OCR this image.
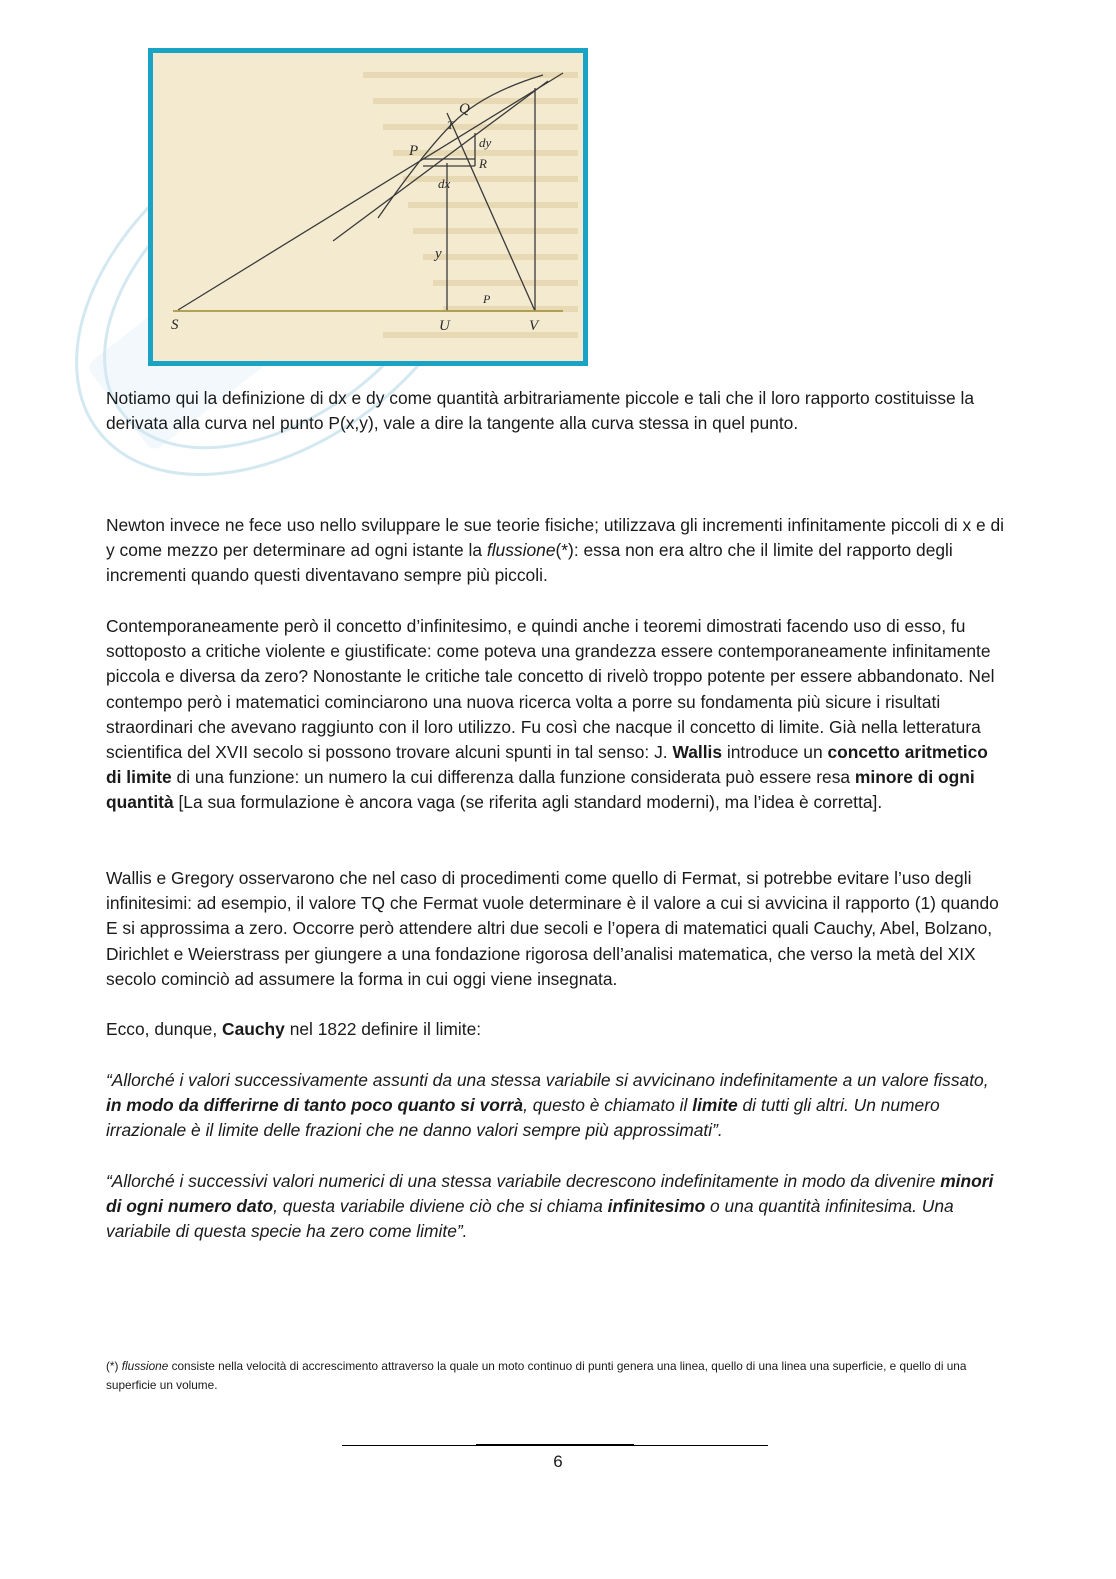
S	U	V
P
Q
T
R
dx
dy
y
P

Notiamo qui la definizione di dx e dy come quantità arbitrariamente piccole e tali che il loro rapporto costituisse la derivata alla curva nel punto P(x,y), vale a dire la tangente alla curva stessa in quel punto.

Newton invece ne fece uso nello sviluppare le sue teorie fisiche; utilizzava gli incrementi infinitamente piccoli di x e di y come mezzo per determinare ad ogni istante la flussione(*): essa non era altro che il limite del rapporto degli incrementi quando questi diventavano sempre più piccoli.

Contemporaneamente però il concetto d’infinitesimo, e quindi anche i teoremi dimostrati facendo uso di esso, fu sottoposto a critiche violente e giustificate: come poteva una grandezza essere contemporaneamente infinitamente piccola e diversa da zero? Nonostante le critiche tale concetto di rivelò troppo potente per essere abbandonato. Nel contempo però i matematici cominciarono una nuova ricerca volta a porre su fondamenta più sicure i risultati straordinari che avevano raggiunto con il loro utilizzo. Fu così che nacque il concetto di limite. Già nella letteratura scientifica del XVII secolo si possono trovare alcuni spunti in tal senso: J. Wallis introduce un concetto aritmetico di limite di una funzione: un numero la cui differenza dalla funzione considerata può essere resa minore di ogni quantità [La sua formulazione è ancora vaga (se riferita agli standard moderni), ma l’idea è corretta].

Wallis e Gregory osservarono che nel caso di procedimenti come quello di Fermat, si potrebbe evitare l’uso degli infinitesimi: ad esempio, il valore TQ che Fermat vuole determinare è il valore a cui si avvicina il rapporto (1) quando E si approssima a zero. Occorre però attendere altri due secoli e l’opera di matematici quali Cauchy, Abel, Bolzano, Dirichlet e Weierstrass per giungere a una fondazione rigorosa dell’analisi matematica, che verso la metà del XIX secolo cominciò ad assumere la forma in cui oggi viene insegnata.

Ecco, dunque, Cauchy nel 1822 definire il limite:

“Allorché i valori successivamente assunti da una stessa variabile si avvicinano indefinitamente a un valore fissato, in modo da differirne di tanto poco quanto si vorrà, questo è chiamato il limite di tutti gli altri. Un numero irrazionale è il limite delle frazioni che ne danno valori sempre più approssimati”.

“Allorché i successivi valori numerici di una stessa variabile decrescono indefinitamente in modo da divenire minori di ogni numero dato, questa variabile diviene ciò che si chiama infinitesimo o una quantità infinitesima. Una variabile di questa specie ha zero come limite”.

(*) flussione consiste nella velocità di accrescimento attraverso la quale un moto continuo di punti genera una linea, quello di una linea una superficie, e quello di una superficie un volume.
6
